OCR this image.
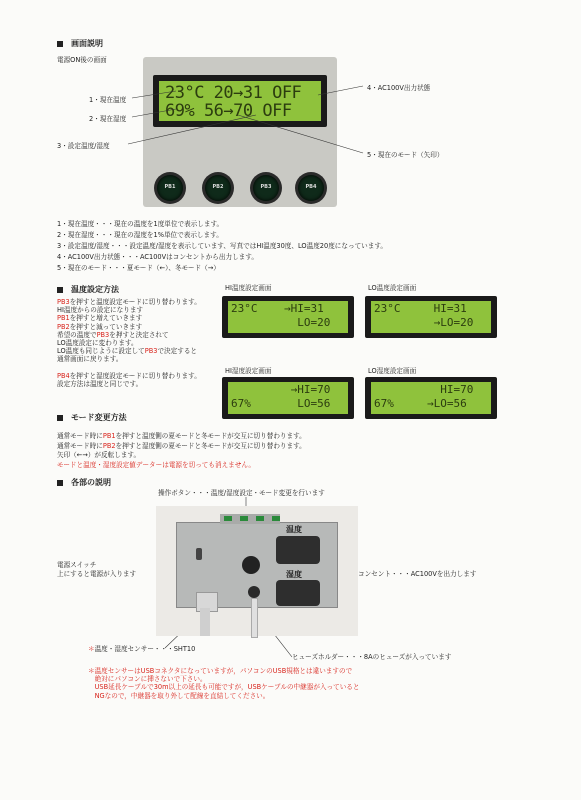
画面説明
電源ON後の画面
23°C 20→31 OFF
69% 56→70 OFF
PB1	PB2	PB3	PB4
1・現在温度
2・現在湿度
3・設定温度/湿度
4・AC100V出力状態
5・現在のモード（矢印）
1・現在温度・・・現在の温度を1度単位で表示します。
2・現在湿度・・・現在の湿度を1%単位で表示します。
3・設定温度/湿度・・・設定温度/湿度を表示しています、写真ではHI温度30度、LO温度20度になっています。
4・AC100V出力状態・・・AC100Vはコンセントから出力します。
5・現在のモード・・・夏モード（←）、冬モード（→）
温度設定方法
PB3を押すと温度設定モードに切り替わります。
HI温度からの設定になります
PB1を押すと増えていきます
PB2を押すと減っていきます
希望の温度でPB3を押すと決定されて
LO温度設定に変わります。
LO温度も同じように設定してPB3で決定すると
通常画面に戻ります。
PB4を押すと湿度設定モードに切り替わります。
設定方法は温度と同じです。
HI温度設定画面	LO温度設定画面
HI湿度設定画面	LO湿度設定画面
23°C    →HI=31
LO=20
23°C     HI=31
→LO=20
→HI=70
67%       LO=56
HI=70
67%     →LO=56
モード変更方法
通常モード時にPB1を押すと温度側の夏モードと冬モードが交互に切り替わります。
通常モード時にPB2を押すと湿度側の夏モードと冬モードが交互に切り替わります。
矢印（←→）が反転します。
モードと温度・湿度設定値データーは電源を切っても消えません。
各部の説明
操作ボタン・・・温度/湿度設定・モード変更を行います
温度
湿度
電源スイッチ
上にすると電源が入ります	コンセント・・・AC100Vを出力します
＊温度・湿度センサー・・・SHT10
ヒューズホルダー・・・8Aのヒューズが入っています
＊温度センサーはUSBコネクタになっていますが，パソコンのUSB規格とは違いますので
　絶対にパソコンに挿さないで下さい。
　USB延長ケーブルで30m以上の延長も可能ですが，USBケーブルの中継器が入っていると
　NGなので，中継器を取り外して配線を直結してください。
